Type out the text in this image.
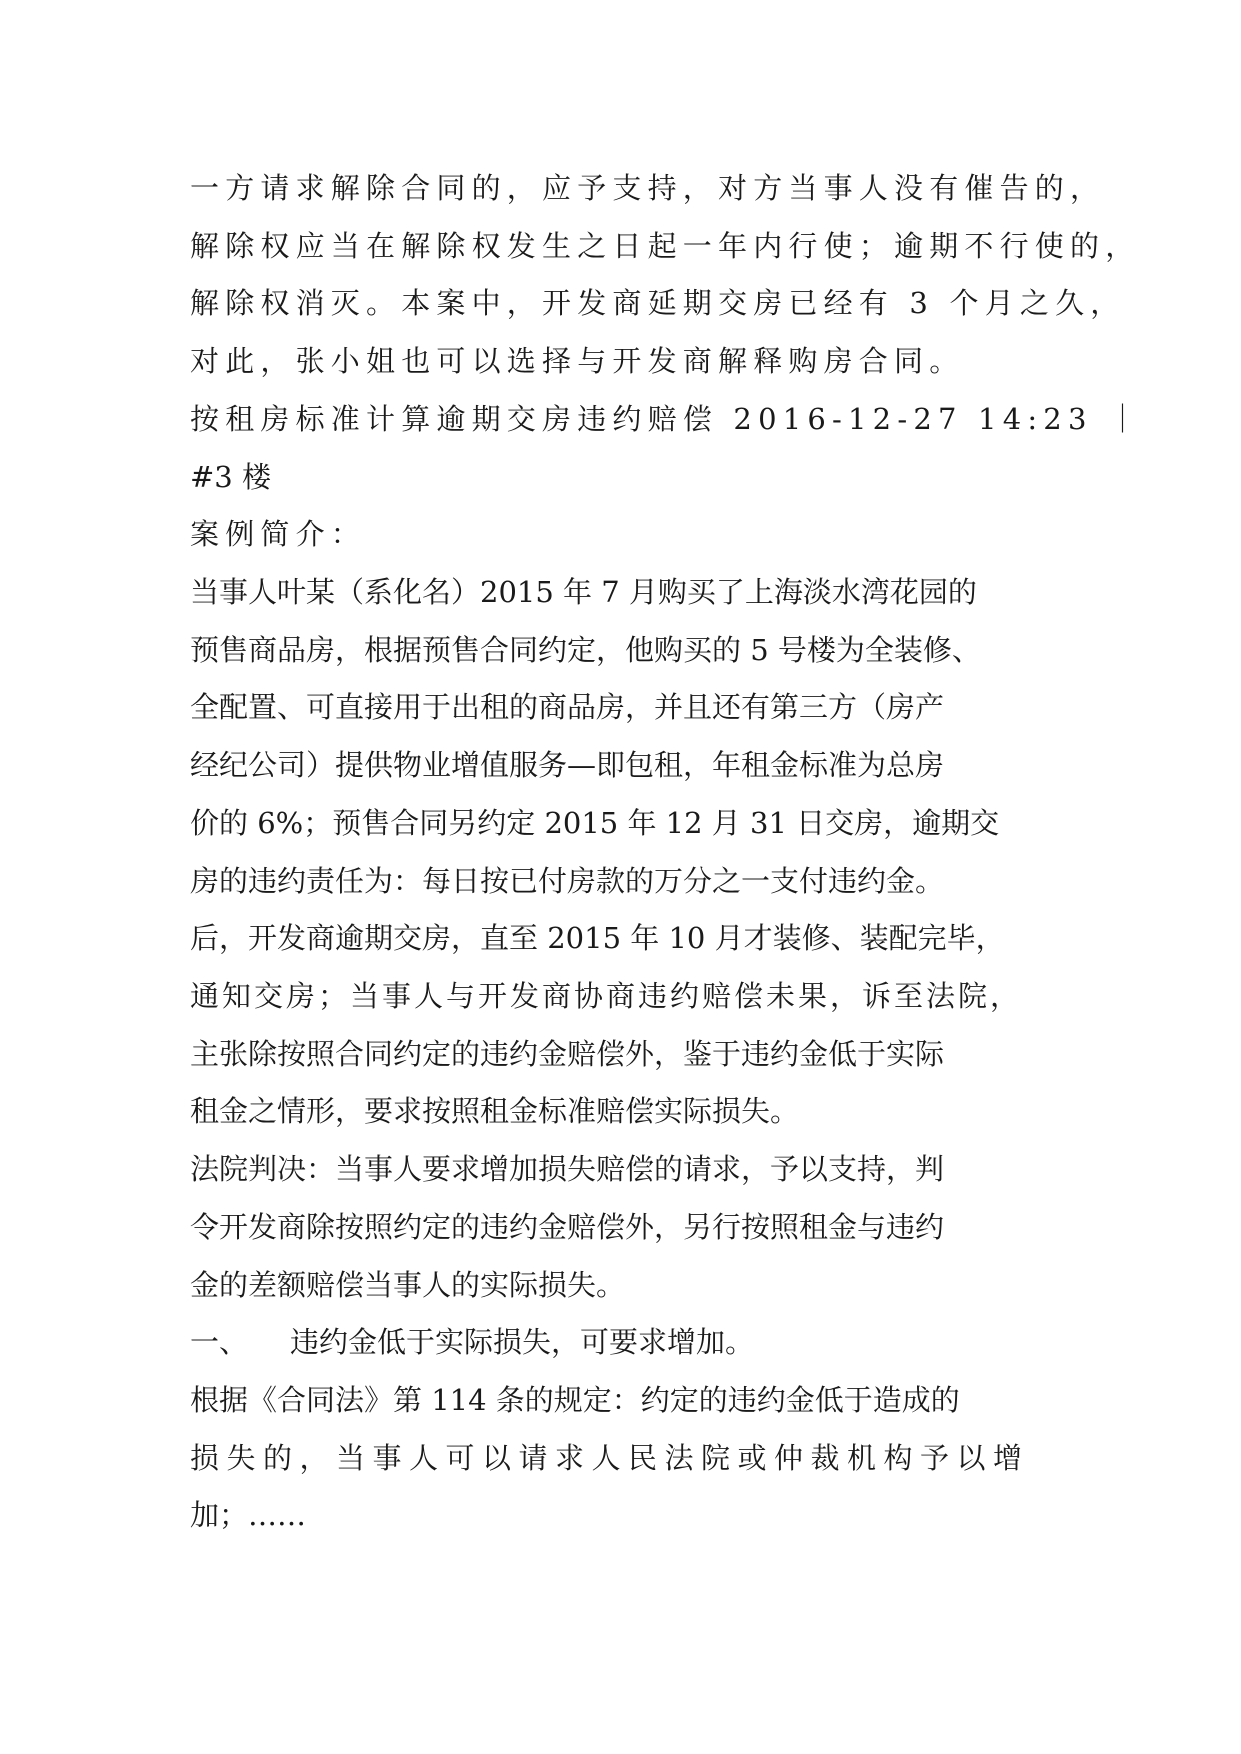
一方请求解除合同的，应予支持，对方当事人没有催告的，
解除权应当在解除权发生之日起一年内行使；逾期不行使的，
解除权消灭。本案中，开发商延期交房已经有 3 个月之久，
对此，张小姐也可以选择与开发商解释购房合同。
按租房标准计算逾期交房违约赔偿 2016-12-27 14:23 ｜
#3 楼
案例简介：
当事人叶某（系化名）2015 年 7 月购买了上海淡水湾花园的
预售商品房，根据预售合同约定，他购买的 5 号楼为全装修、
全配置、可直接用于出租的商品房，并且还有第三方（房产
经纪公司）提供物业增值服务—即包租，年租金标准为总房
价的 6%；预售合同另约定 2015 年 12 月 31 日交房，逾期交
房的违约责任为：每日按已付房款的万分之一支付违约金。
后，开发商逾期交房，直至 2015 年 10 月才装修、装配完毕，
通知交房；当事人与开发商协商违约赔偿未果，诉至法院，
主张除按照合同约定的违约金赔偿外，鉴于违约金低于实际
租金之情形，要求按照租金标准赔偿实际损失。
法院判决：当事人要求增加损失赔偿的请求，予以支持，判
令开发商除按照约定的违约金赔偿外，另行按照租金与违约
金的差额赔偿当事人的实际损失。
一、 违约金低于实际损失，可要求增加。
根据《合同法》第 114 条的规定：约定的违约金低于造成的
损失的，当事人可以请求人民法院或仲裁机构予以增
加；……
